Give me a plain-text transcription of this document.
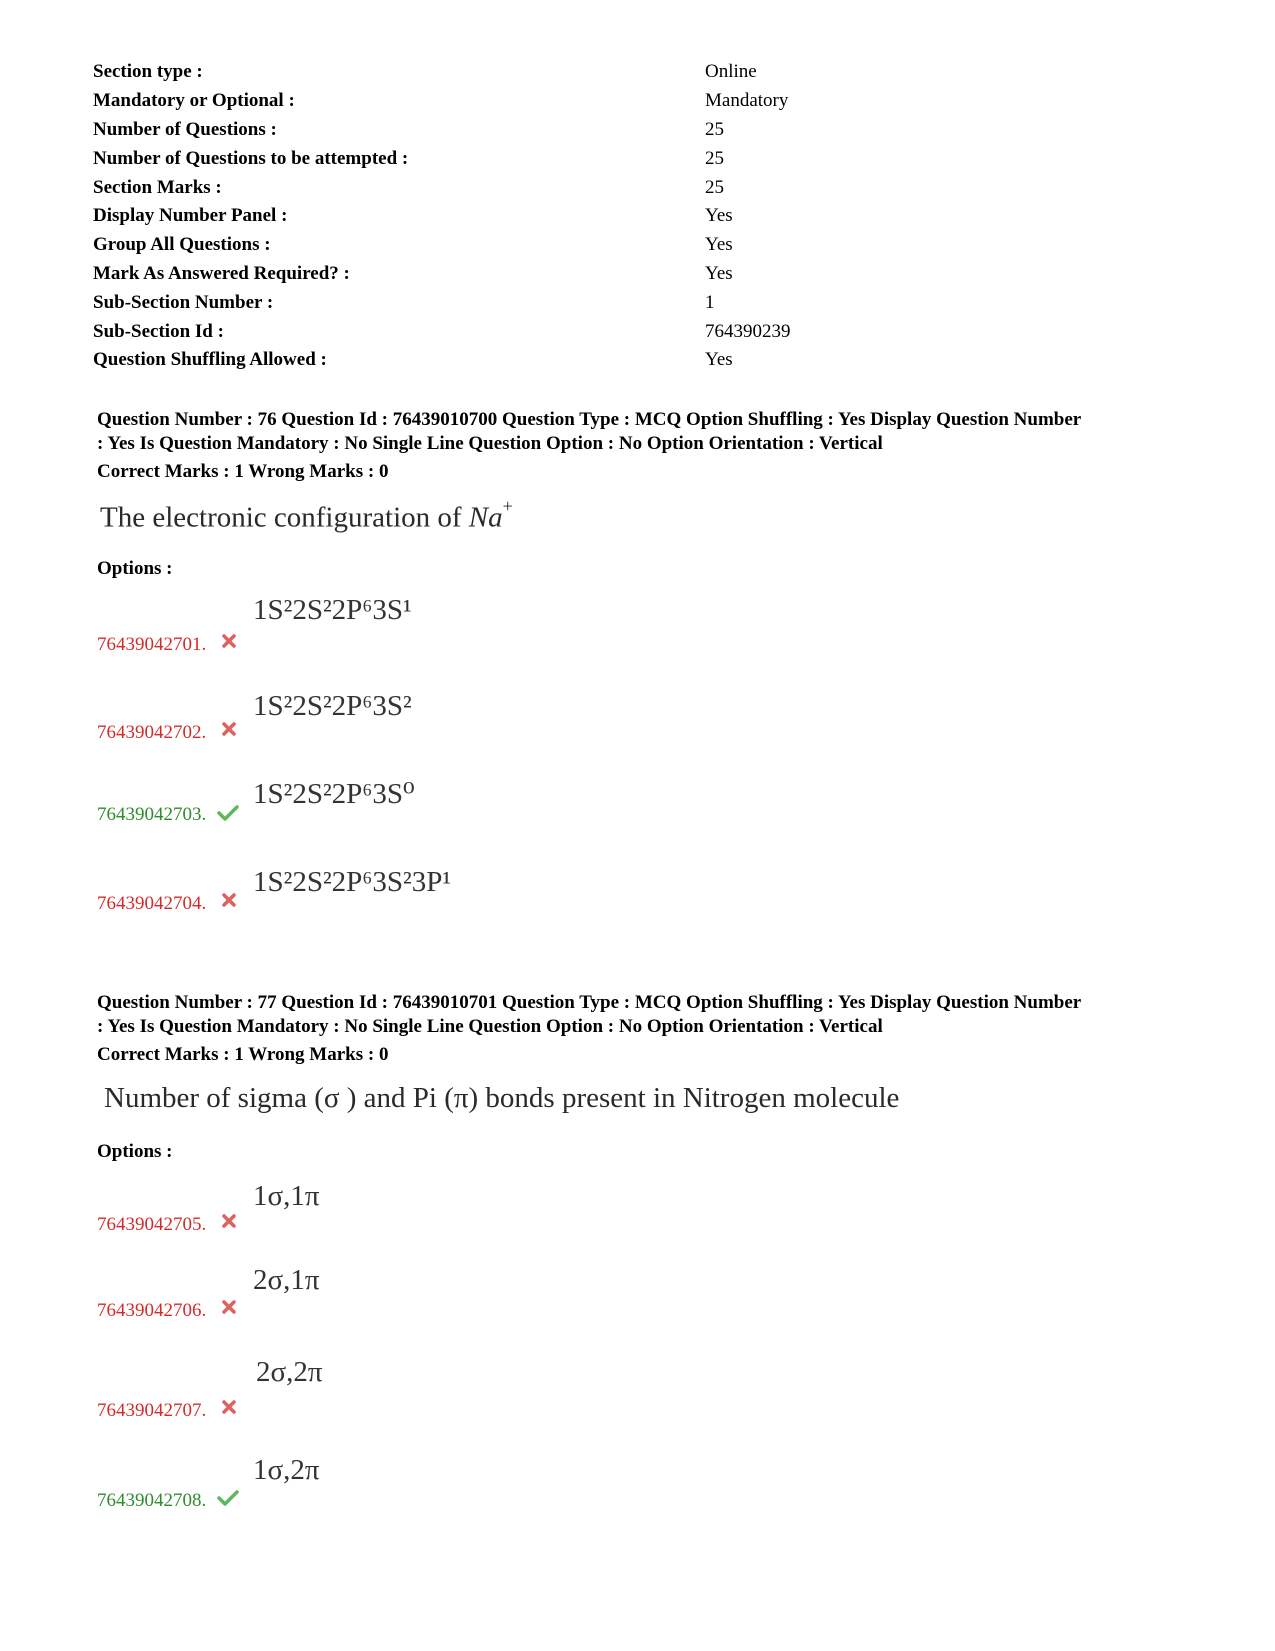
Section type :	Online
Mandatory or Optional :	Mandatory
Number of Questions :	25
Number of Questions to be attempted :	25
Section Marks :	25
Display Number Panel :	Yes
Group All Questions :	Yes
Mark As Answered Required? :	Yes
Sub-Section Number :	1
Sub-Section Id :	764390239
Question Shuffling Allowed :	Yes
Question Number : 76 Question Id : 76439010700 Question Type : MCQ Option Shuffling : Yes Display Question Number
: Yes Is Question Mandatory : No Single Line Question Option : No Option Orientation : Vertical
Correct Marks : 1 Wrong Marks : 0
The electronic configuration of Na+
Options :
1S²2S²2P⁶3S¹
76439042701.
1S²2S²2P⁶3S²
76439042702.
1S²2S²2P⁶3S⁰
76439042703.
1S²2S²2P⁶3S²3P¹
76439042704.
Question Number : 77 Question Id : 76439010701 Question Type : MCQ Option Shuffling : Yes Display Question Number
: Yes Is Question Mandatory : No Single Line Question Option : No Option Orientation : Vertical
Correct Marks : 1 Wrong Marks : 0
Number of sigma (σ ) and Pi (π) bonds present in Nitrogen molecule
Options :
1σ,1π
76439042705.
2σ,1π
76439042706.
2σ,2π
76439042707.
1σ,2π
76439042708.
